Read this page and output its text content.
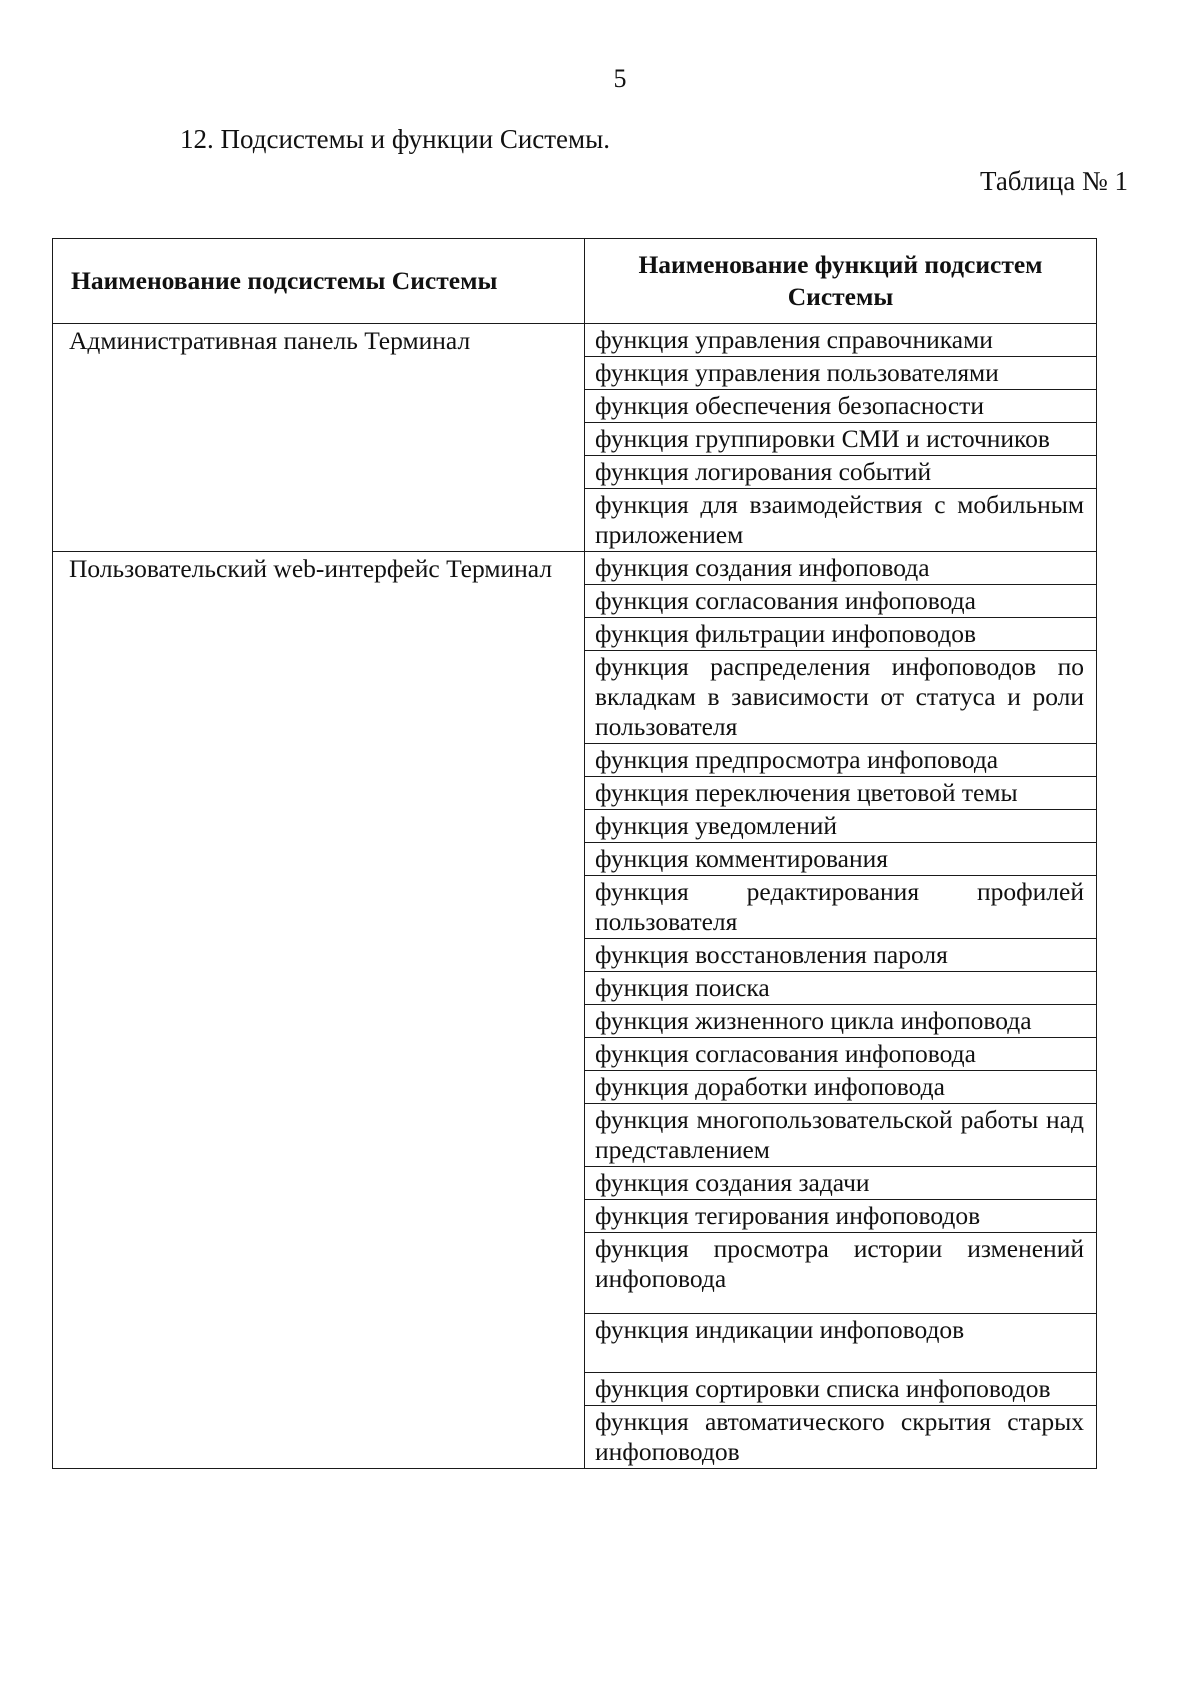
5
12. Подсистемы и функции Системы.
Таблица № 1
Наименование подсистемы Системы	Наименование функций подсистем Системы
Административная панель Терминал	функция управления справочниками
	функция управления пользователями
	функция обеспечения безопасности
	функция группировки СМИ и источников
	функция логирования событий
	функция для взаимодействия с мобильным приложением
Пользовательский web-интерфейс Терминал	функция создания инфоповода
	функция согласования инфоповода
	функция фильтрации инфоповодов
	функция распределения инфоповодов по вкладкам в зависимости от статуса и роли пользователя
	функция предпросмотра инфоповода
	функция переключения цветовой темы
	функция уведомлений
	функция комментирования
	функция редактирования профилей пользователя
	функция восстановления пароля
	функция поиска
	функция жизненного цикла инфоповода
	функция согласования инфоповода
	функция доработки инфоповода
	функция многопользовательской работы над представлением
	функция создания задачи
	функция тегирования инфоповодов
	функция просмотра истории изменений инфоповода
	функция индикации инфоповодов
	функция сортировки списка инфоповодов
	функция автоматического скрытия старых инфоповодов
